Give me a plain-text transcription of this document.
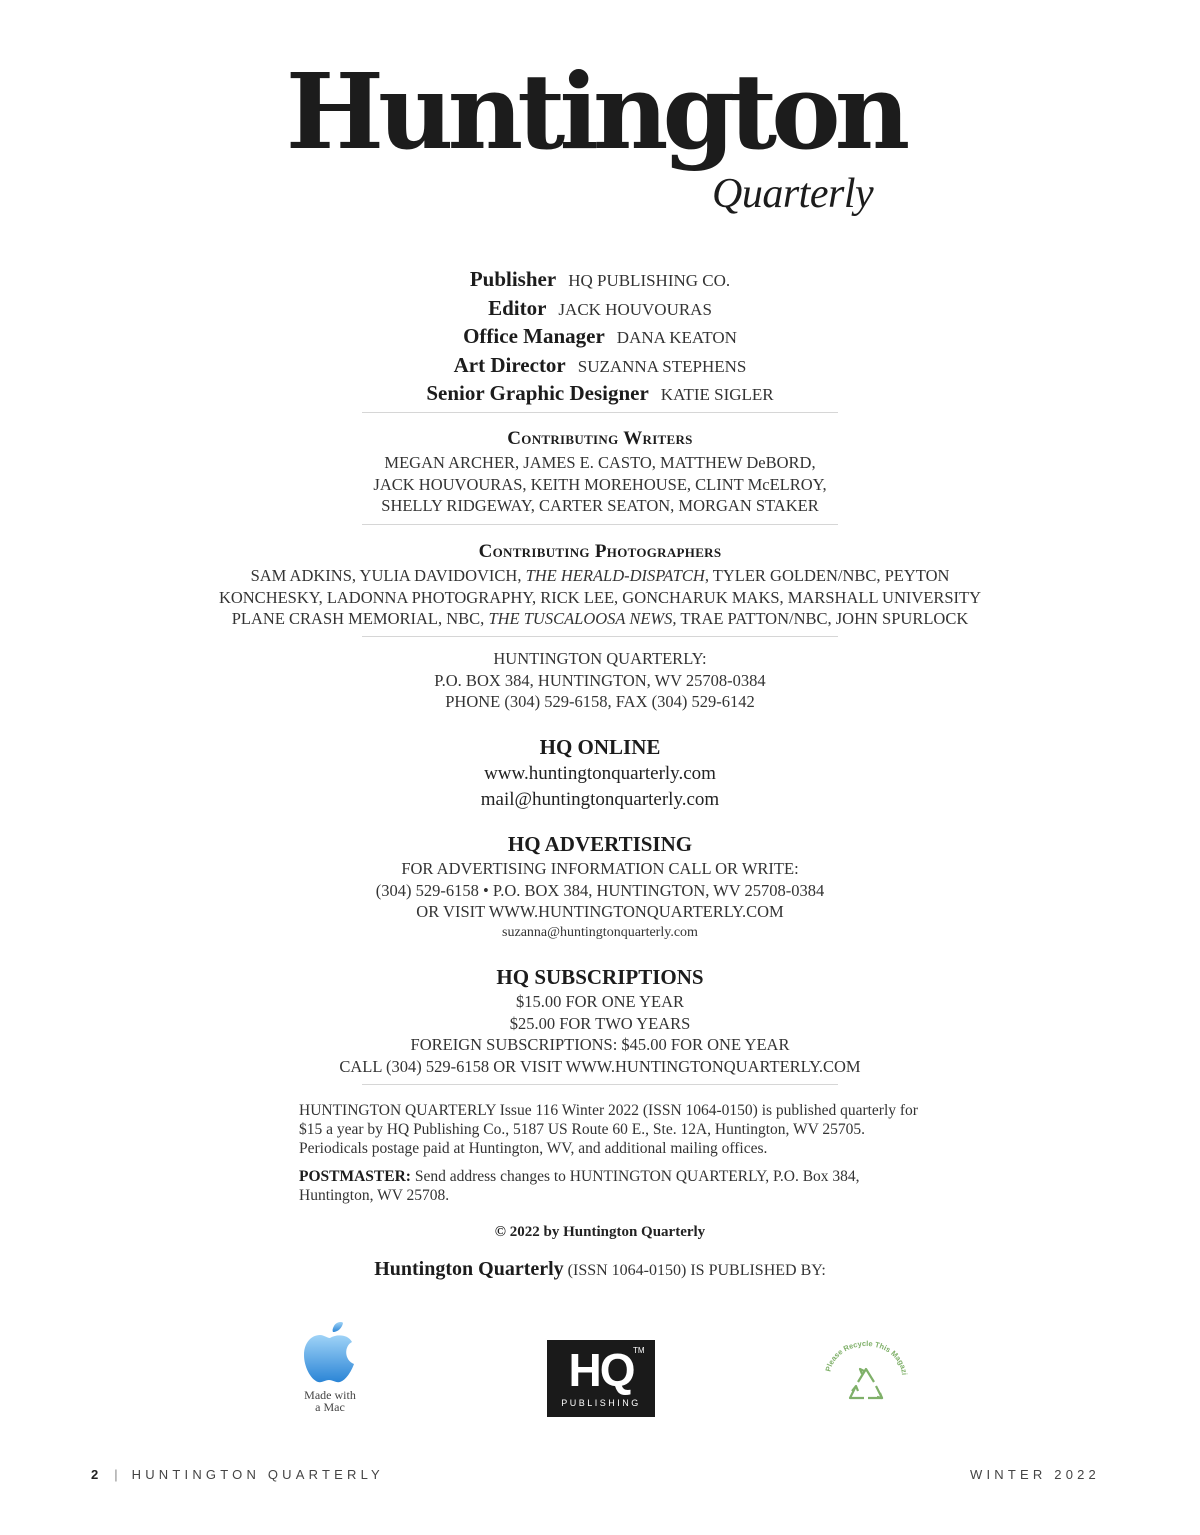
Huntington
Quarterly
Publisher HQ PUBLISHING CO.
Editor JACK HOUVOURAS
Office Manager DANA KEATON
Art Director SUZANNA STEPHENS
Senior Graphic Designer KATIE SIGLER
Contributing Writers
MEGAN ARCHER, JAMES E. CASTO, MATTHEW DeBORD,
JACK HOUVOURAS, KEITH MOREHOUSE, CLINT McELROY,
SHELLY RIDGEWAY, CARTER SEATON, MORGAN STAKER
Contributing Photographers
SAM ADKINS, YULIA DAVIDOVICH, THE HERALD-DISPATCH, TYLER GOLDEN/NBC, PEYTON
KONCHESKY, LADONNA PHOTOGRAPHY, RICK LEE, GONCHARUK MAKS, MARSHALL UNIVERSITY
PLANE CRASH MEMORIAL, NBC, THE TUSCALOOSA NEWS, TRAE PATTON/NBC, JOHN SPURLOCK
HUNTINGTON QUARTERLY:
P.O. BOX 384, HUNTINGTON, WV 25708-0384
PHONE (304) 529-6158, FAX (304) 529-6142
HQ ONLINE
www.huntingtonquarterly.com
mail@huntingtonquarterly.com
HQ ADVERTISING
FOR ADVERTISING INFORMATION CALL OR WRITE:
(304) 529-6158 • P.O. BOX 384, HUNTINGTON, WV 25708-0384
OR VISIT WWW.HUNTINGTONQUARTERLY.COM
suzanna@huntingtonquarterly.com
HQ SUBSCRIPTIONS
$15.00 FOR ONE YEAR
$25.00 FOR TWO YEARS
FOREIGN SUBSCRIPTIONS: $45.00 FOR ONE YEAR
CALL (304) 529-6158 OR VISIT WWW.HUNTINGTONQUARTERLY.COM
HUNTINGTON QUARTERLY Issue 116 Winter 2022 (ISSN 1064-0150) is published quarterly for $15 a year by HQ Publishing Co., 5187 US Route 60 E., Ste. 12A, Huntington, WV 25705. Periodicals postage paid at Huntington, WV, and additional mailing offices.
POSTMASTER: Send address changes to HUNTINGTON QUARTERLY, P.O. Box 384, Huntington, WV 25708.
© 2022 by Huntington Quarterly
Huntington Quarterly (ISSN 1064-0150) IS PUBLISHED BY:
Made with
a Mac
HQ TM
PUBLISHING
Please Recycle This Magazi
2 | HUNTINGTON QUARTERLY	WINTER 2022
